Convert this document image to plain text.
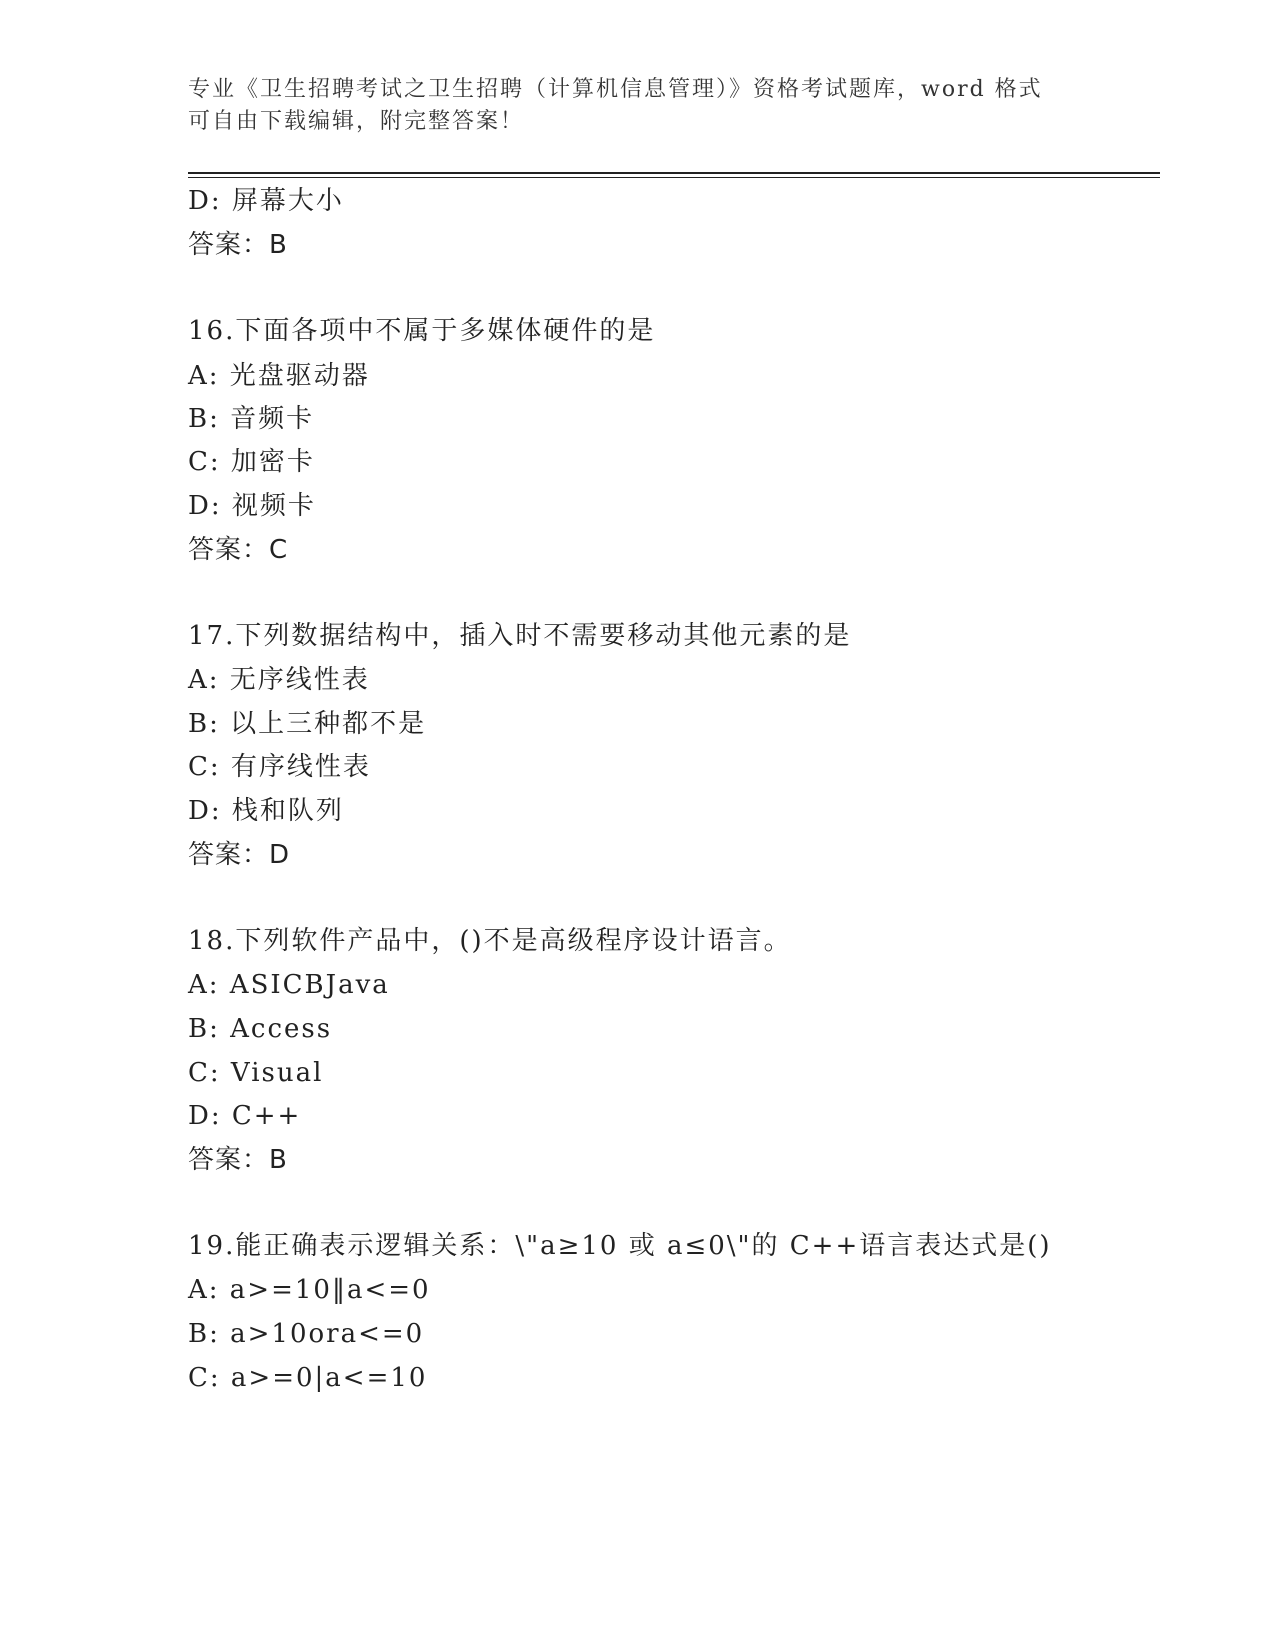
专业《卫生招聘考试之卫生招聘（计算机信息管理）》资格考试题库，word 格式
可自由下载编辑，附完整答案！
D: 屏幕大小
答案：B
16.下面各项中不属于多媒体硬件的是
A: 光盘驱动器
B: 音频卡
C: 加密卡
D: 视频卡
答案：C
17.下列数据结构中，插入时不需要移动其他元素的是
A: 无序线性表
B: 以上三种都不是
C: 有序线性表
D: 栈和队列
答案：D
18.下列软件产品中，()不是高级程序设计语言。
A: ASICBJava
B: Access
C: Visual
D: C++
答案：B
19.能正确表示逻辑关系：\"a≥10 或 a≤0\"的 C++语言表达式是()
A: a>=10‖a<=0
B: a>10ora<=0
C: a>=0|a<=10
